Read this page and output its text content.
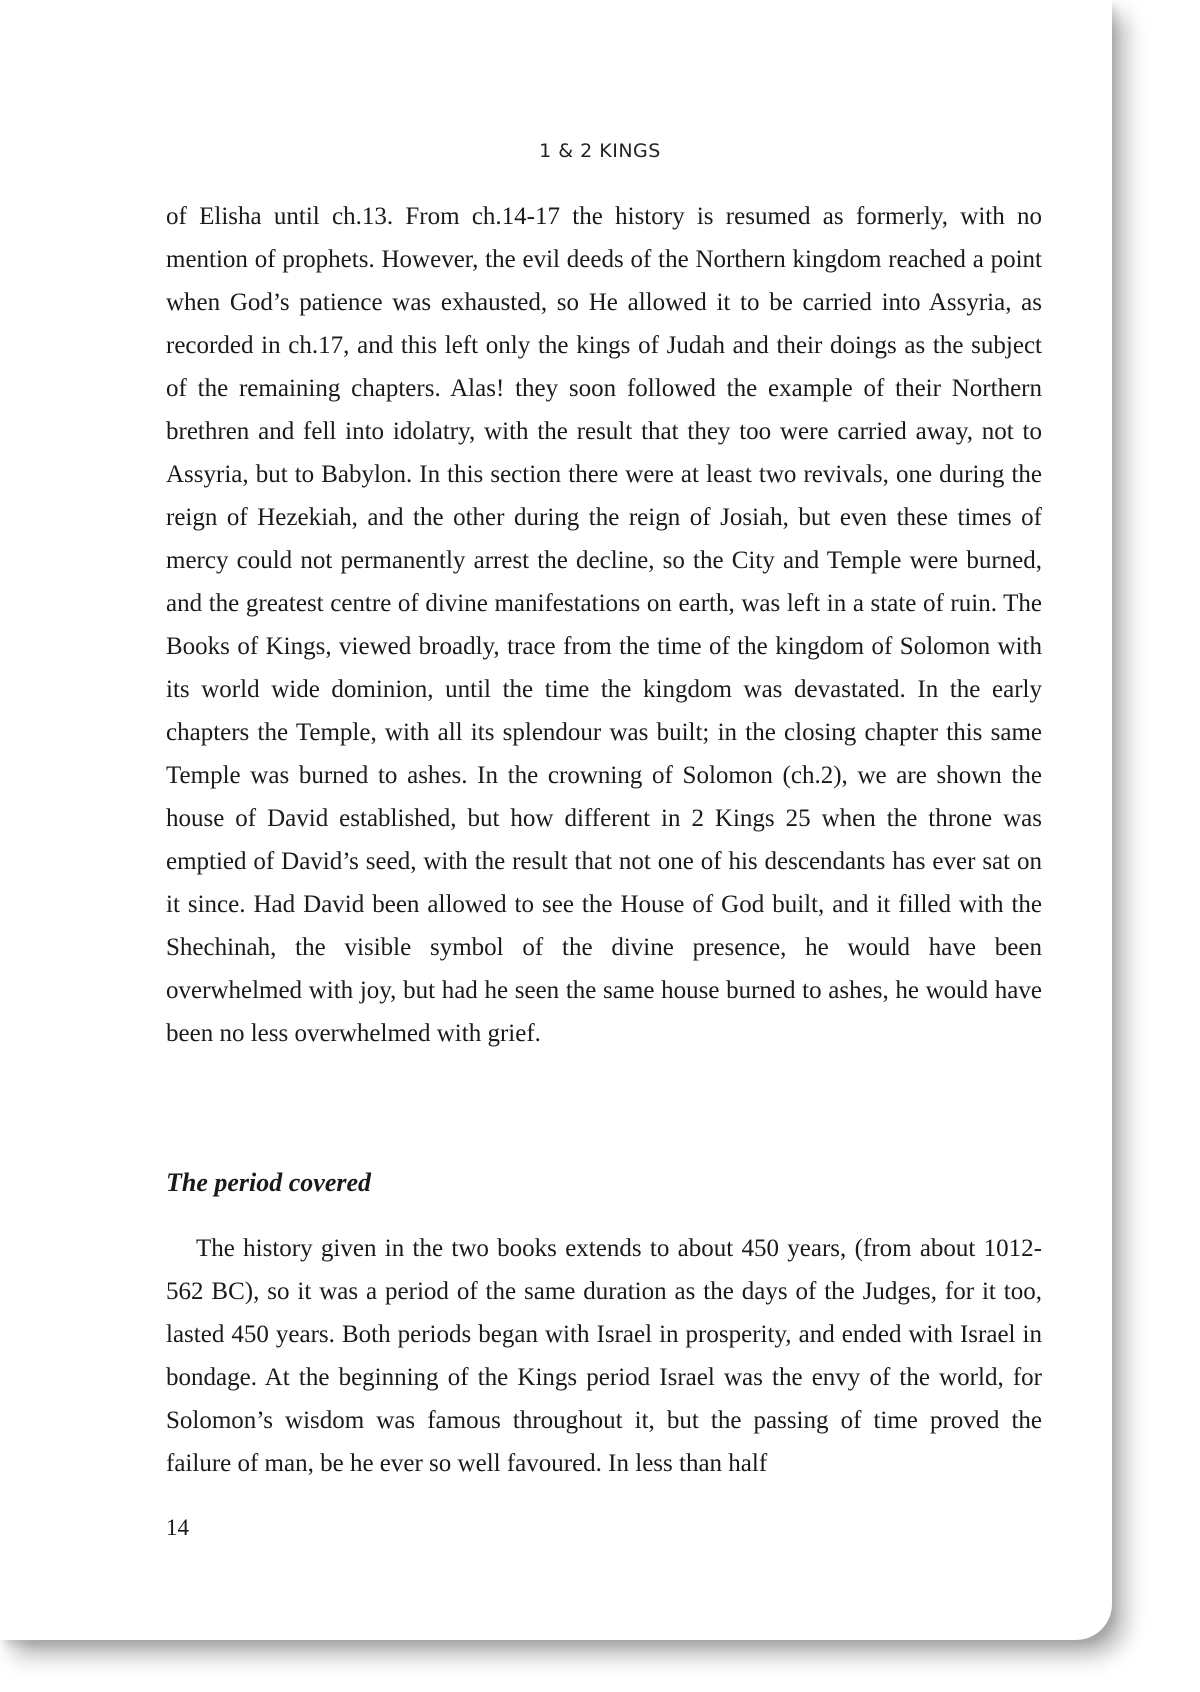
1 & 2 KINGS

of Elisha until ch.13. From ch.14-17 the history is resumed as formerly, with no mention of prophets. However, the evil deeds of the Northern kingdom reached a point when God’s patience was exhausted, so He allowed it to be carried into Assyria, as recorded in ch.17, and this left only the kings of Judah and their doings as the subject of the remaining chapters. Alas! they soon followed the example of their Northern brethren and fell into idolatry, with the result that they too were carried away, not to Assyria, but to Babylon. In this section there were at least two revivals, one during the reign of Hezekiah, and the other during the reign of Josiah, but even these times of mercy could not permanently arrest the decline, so the City and Temple were burned, and the greatest centre of divine manifestations on earth, was left in a state of ruin. The Books of Kings, viewed broadly, trace from the time of the kingdom of Solomon with its world wide dominion, until the time the kingdom was devastated. In the early chapters the Temple, with all its splendour was built; in the closing chapter this same Temple was burned to ashes. In the crowning of Solomon (ch.2), we are shown the house of David established, but how different in 2 Kings 25 when the throne was emptied of David’s seed, with the result that not one of his descendants has ever sat on it since. Had David been allowed to see the House of God built, and it filled with the Shechinah, the visible symbol of the divine presence, he would have been overwhelmed with joy, but had he seen the same house burned to ashes, he would have been no less overwhelmed with grief.

The period covered

The history given in the two books extends to about 450 years, (from about 1012- 562 BC), so it was a period of the same duration as the days of the Judges, for it too, lasted 450 years. Both periods began with Israel in prosperity, and ended with Israel in bondage. At the beginning of the Kings period Israel was the envy of the world, for Solomon’s wisdom was famous throughout it, but the passing of time proved the failure of man, be he ever so well favoured. In less than half

14
